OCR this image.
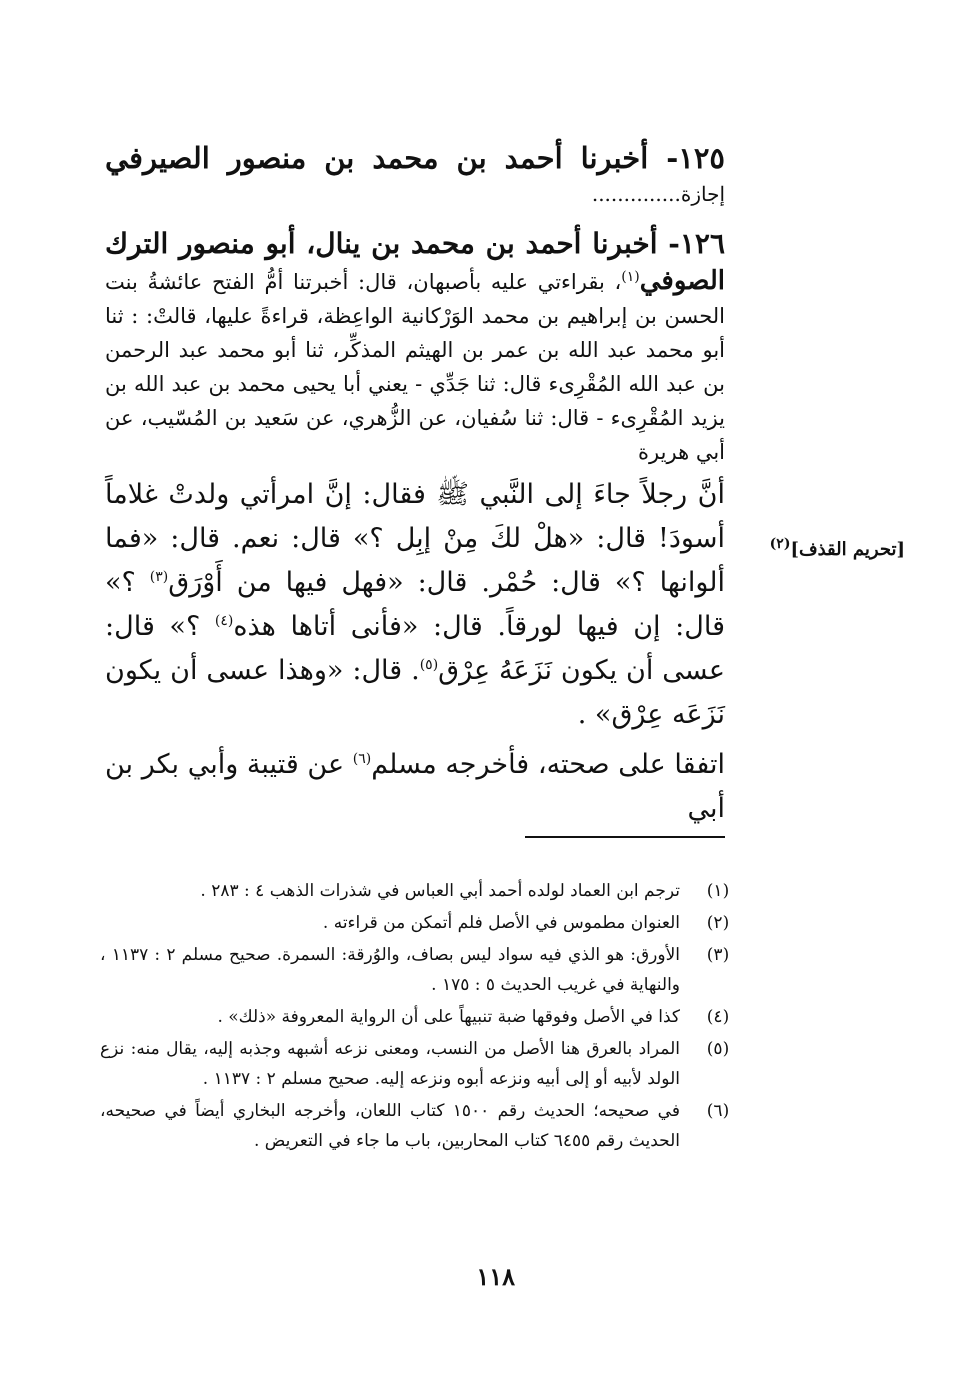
١٢٥- أخبرنا أحمد بن محمد بن منصور الصيرفي

إجازة..............

١٢٦- أخبرنا أحمد بن محمد بن ينال، أبو منصور الترك

الصوفي$^{(١)}$، بقراءتي عليه بأصبهان، قال: أخبرتنا أمُّ الفتح عائشةُ بنت الحسن بن إبراهيم بن محمد الوَرْكانية الواعِظة، قراءةً عليها، قالتْ: : ثنا أبو محمد عبد الله بن عمر بن الهيثم المذكِّر، ثنا أبو محمد عبد الرحمن بن عبد الله المُقْرِىء قال: ثنا جَدِّي - يعني أبا يحيى محمد بن عبد الله بن يزيد المُقْرِىء - قال: ثنا سُفيان، عن الزُّهري، عن سَعيد بن المُسّيب، عن أبي هريرة

أنَّ رجلاً جاءَ إلى النَّبي ﷺ فقال: إنَّ امرأتي ولدتْ غلاماً أسودَ! قال: «هلْ لكَ مِنْ إبِل ؟» قال: نعم. قال: «فما ألوانها ؟» قال: حُمْر. قال: «فهل فيها من أَوْرَق$^{(٣)}$ ؟» قال: إن فيها لورقاً. قال: «فأنى أتاها هذه$^{(٤)}$ ؟» قال: عسى أن يكون نَزَعَهُ عِرْق$^{(٥)}$. قال: «وهذا عسى أن يكون نَزَعَه عِرْق» .

اتفقا على صحته، فأخرجه مسلم$^{(٦)}$ عن قتيبة وأبي بكر بن أبي

[تحريم القذف]$^{(٢)}$
(١)
ترجم ابن العماد لولده أحمد أبي العباس في شذرات الذهب ٤ : ٢٨٣ .
(٢)
العنوان مطموس في الأصل فلم أتمكن من قراءته .
(٣)
الأورق: هو الذي فيه سواد ليس بصاف، والوُرقة: السمرة. صحيح مسلم ٢ : ١١٣٧ ، والنهاية في غريب الحديث ٥ : ١٧٥ .
(٤)
كذا في الأصل وفوقها ضبة تنبيهاً على أن الرواية المعروفة «ذلك» .
(٥)
المراد بالعرق هنا الأصل من النسب، ومعنى نزعه أشبهه وجذبه إليه، يقال منه: نزع الولد لأبيه أو إلى أبيه ونزعه أبوه ونزعه إليه. صحيح مسلم ٢ : ١١٣٧ .
(٦)
في صحيحه؛ الحديث رقم ١٥٠٠ كتاب اللعان، وأخرجه البخاري أيضاً في صحيحه، الحديث رقم ٦٤٥٥ كتاب المحاربين، باب ما جاء في التعريض .
١١٨
